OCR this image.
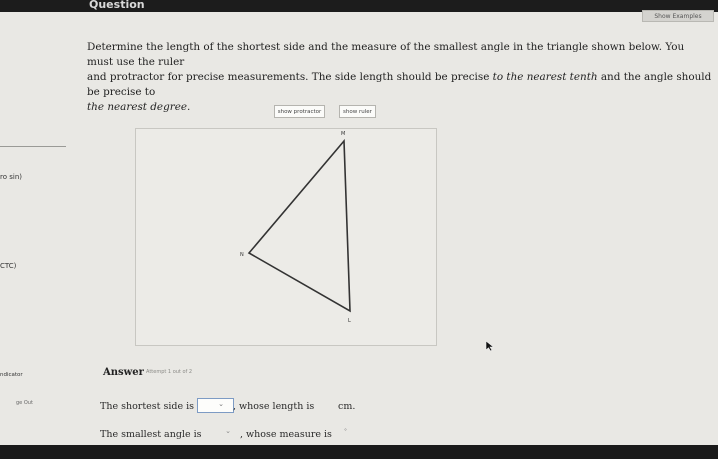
Question
Show Examples
ro sin)
CTC)
ndicator
ge Out
Determine the length of the shortest side and the measure of the smallest angle in the triangle shown below. You must use the ruler
and protractor for precise measurements. The side length should be precise to the nearest tenth and the angle should be precise to
the nearest degree.	show protractor	show ruler
M
N
L
Answer Attempt 1 out of 2
The shortest side is	⌄ , whose length is cm.
The smallest angle is	⌄ , whose measure is	°
